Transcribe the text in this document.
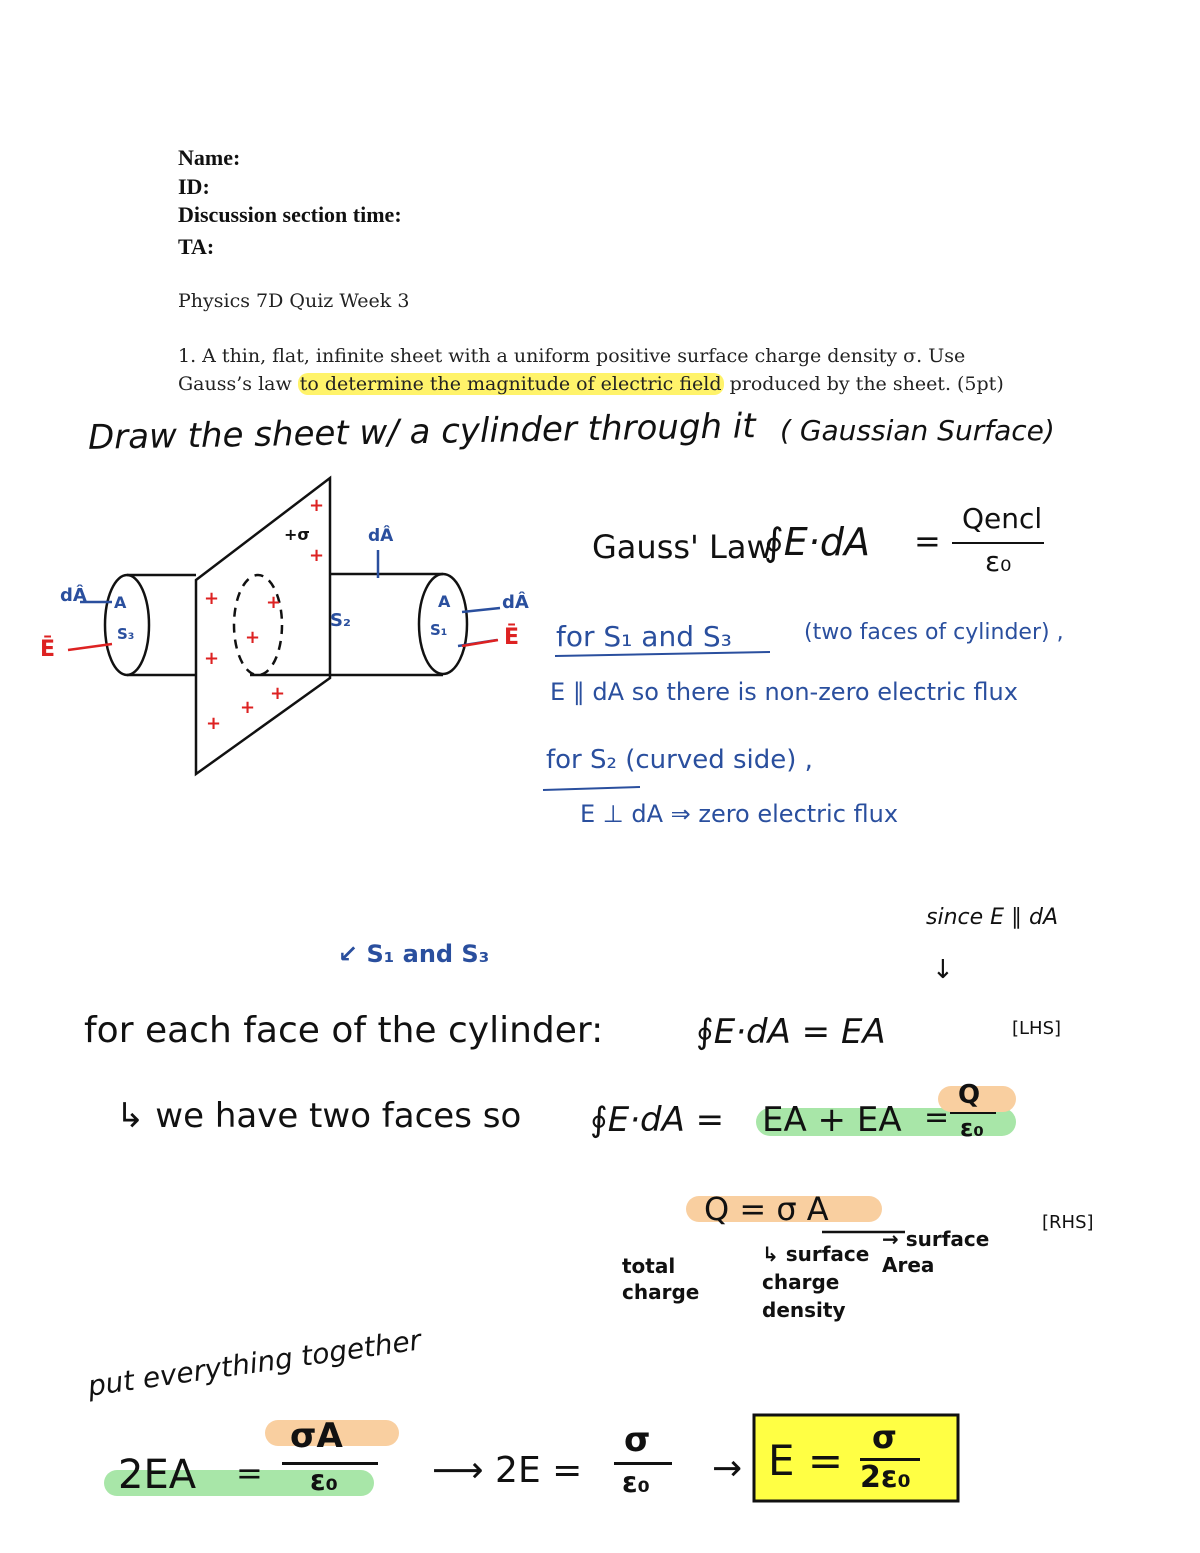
Name:
ID:
Discussion section time:
TA:
Physics 7D Quiz Week 3
1. A thin, flat, infinite sheet with a uniform positive surface charge density σ. Use
Gauss’s law to determine the magnitude of electric field produced by the sheet. (5pt)
Draw the sheet w/ a cylinder through it ( Gaussian Surface)
dÂ A
S₃
Ē
+σ
+
+
+	+
+
+
+
+
+
dÂ
S₂
A
S₁
dÂ
Ē
Gauss' Law
∮E·dA =
Qencl
ε₀
for S₁ and S₃	(two faces of cylinder) ,
E ∥ dA so there is non-zero electric flux
for S₂ (curved side) ,
E ⊥ dA ⇒ zero electric flux
since E ∥ dA
↓
↙ S₁ and S₃
for each face of the cylinder:	∮E·dA = EA	[LHS]
↳ we have two faces so ∮E·dA = EA + EA =
Q
ε₀
Q = σ A
total charge
↳ surface charge density
→ surface Area
[RHS]
put everything together
2EA =
σA
ε₀	⟶ 2E =
σ
ε₀ → E = σ
2ε₀
